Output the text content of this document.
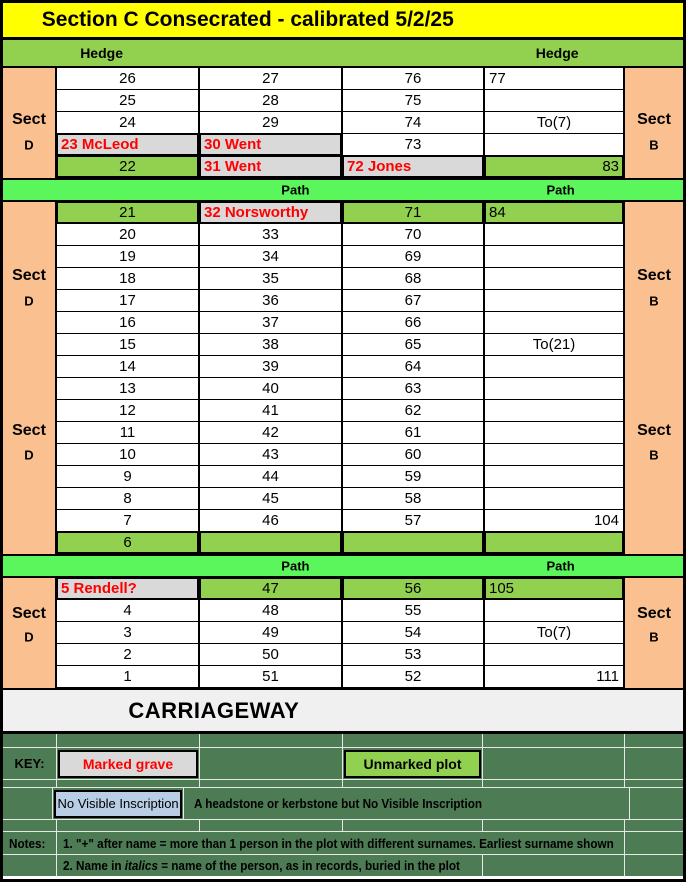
Section C Consecrated - calibrated 5/2/25
Hedge	Hedge
Sect
D
Sect
B
26	27	76	77
25	28	75
24	29	74	To(7)
23 McLeod	30 Went	73
22	31 Went	72 Jones	83
Path	Path
Sect
D
Sect
D
Sect
B
Sect
B
21	32 Norsworthy	71	84
20	33	70
19	34	69
18	35	68
17	36	67
16	37	66
15	38	65	To(21)
14	39	64
13	40	63
12	41	62
11	42	61
10	43	60
9	44	59
8	45	58
7	46	57	104
6
Path	Path
Sect
D
Sect
B
5 Rendell?	47	56	105
4	48	55
3	49	54	To(7)
2	50	53
1	51	52	111
CARRIAGEWAY
KEY:	Marked grave	Unmarked plot
No Visible Inscription A headstone or kerbstone but No Visible Inscription
Notes: 1. "+" after name = more than 1 person in the plot with different surnames. Earliest surname shown
2. Name in italics = name of the person, as in records, buried in the plot
